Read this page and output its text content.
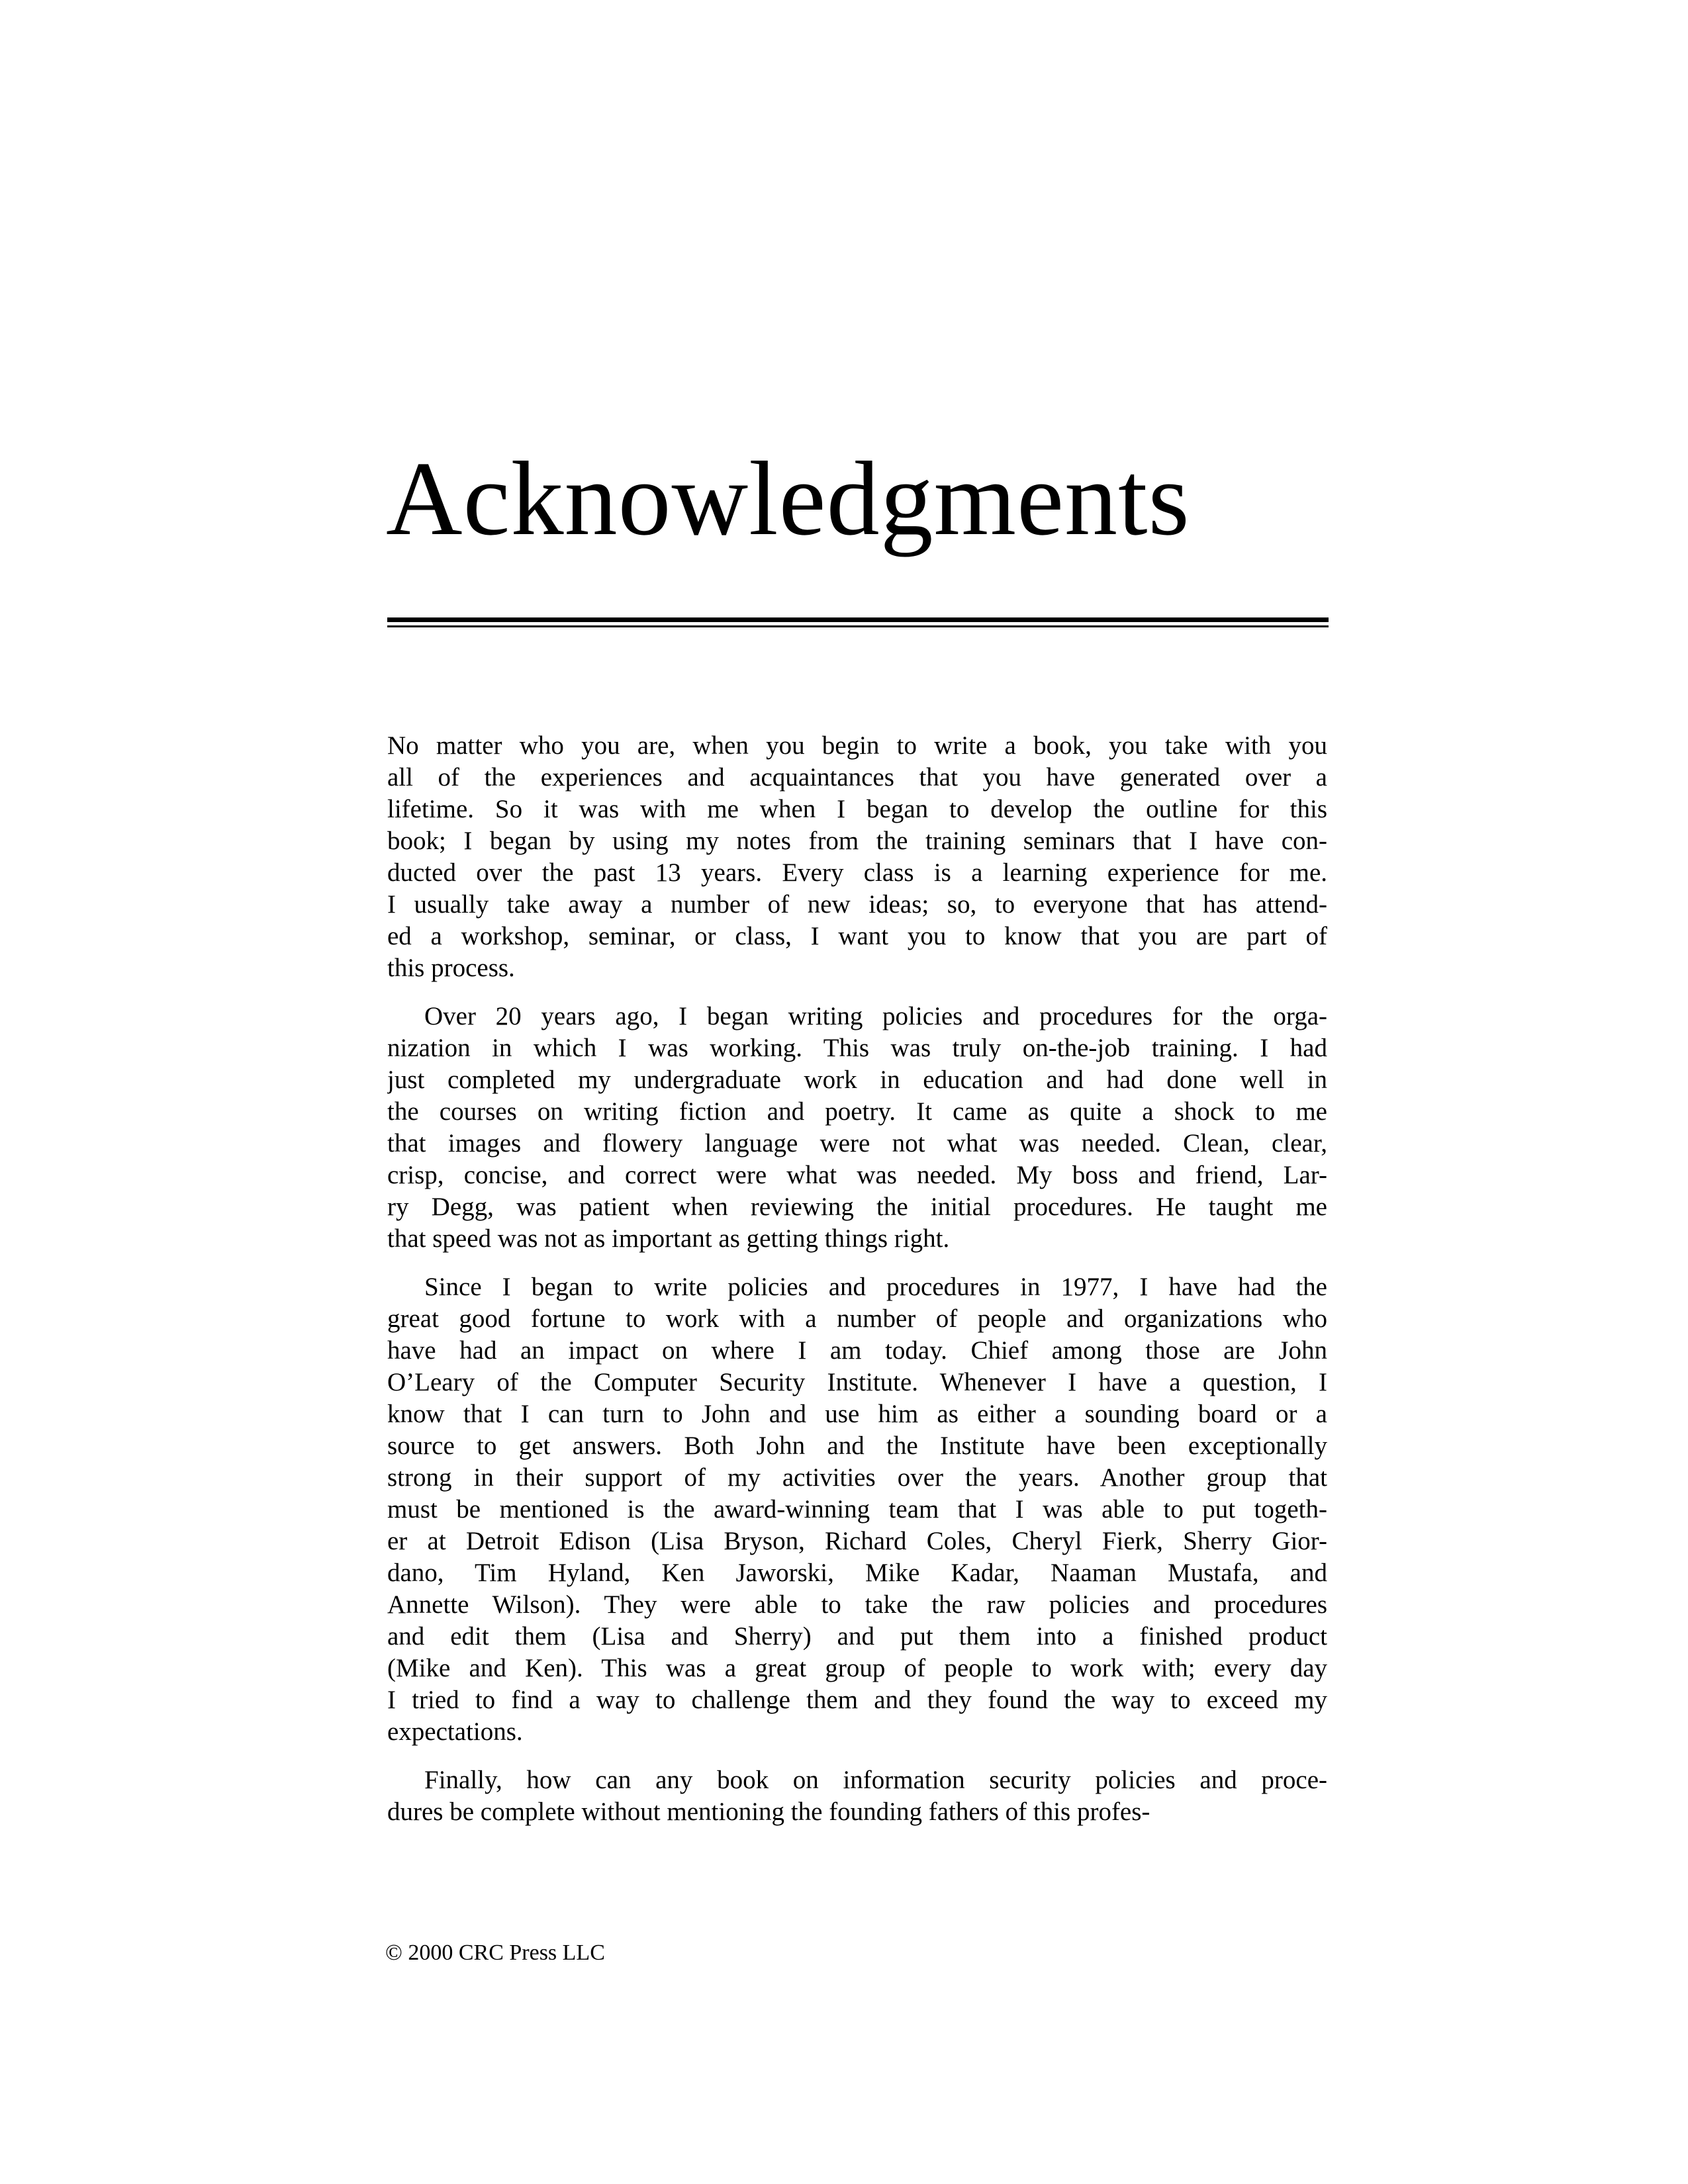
Acknowledgments
No matter who you are, when you begin to write a book, you take with you
all of the experiences and acquaintances that you have generated over a
lifetime. So it was with me when I began to develop the outline for this
book; I began by using my notes from the training seminars that I have con-
ducted over the past 13 years. Every class is a learning experience for me.
I usually take away a number of new ideas; so, to everyone that has attend-
ed a workshop, seminar, or class, I want you to know that you are part of
this process.
Over 20 years ago, I began writing policies and procedures for the orga-
nization in which I was working. This was truly on-the-job training. I had
just completed my undergraduate work in education and had done well in
the courses on writing fiction and poetry. It came as quite a shock to me
that images and flowery language were not what was needed. Clean, clear,
crisp, concise, and correct were what was needed. My boss and friend, Lar-
ry Degg, was patient when reviewing the initial procedures. He taught me
that speed was not as important as getting things right.
Since I began to write policies and procedures in 1977, I have had the
great good fortune to work with a number of people and organizations who
have had an impact on where I am today. Chief among those are John
O’Leary of the Computer Security Institute. Whenever I have a question, I
know that I can turn to John and use him as either a sounding board or a
source to get answers. Both John and the Institute have been exceptionally
strong in their support of my activities over the years. Another group that
must be mentioned is the award-winning team that I was able to put togeth-
er at Detroit Edison (Lisa Bryson, Richard Coles, Cheryl Fierk, Sherry Gior-
dano, Tim Hyland, Ken Jaworski, Mike Kadar, Naaman Mustafa, and
Annette Wilson). They were able to take the raw policies and procedures
and edit them (Lisa and Sherry) and put them into a finished product
(Mike and Ken). This was a great group of people to work with; every day
I tried to find a way to challenge them and they found the way to exceed my
expectations.
Finally, how can any book on information security policies and proce-
dures be complete without mentioning the founding fathers of this profes-
© 2000 CRC Press LLC
